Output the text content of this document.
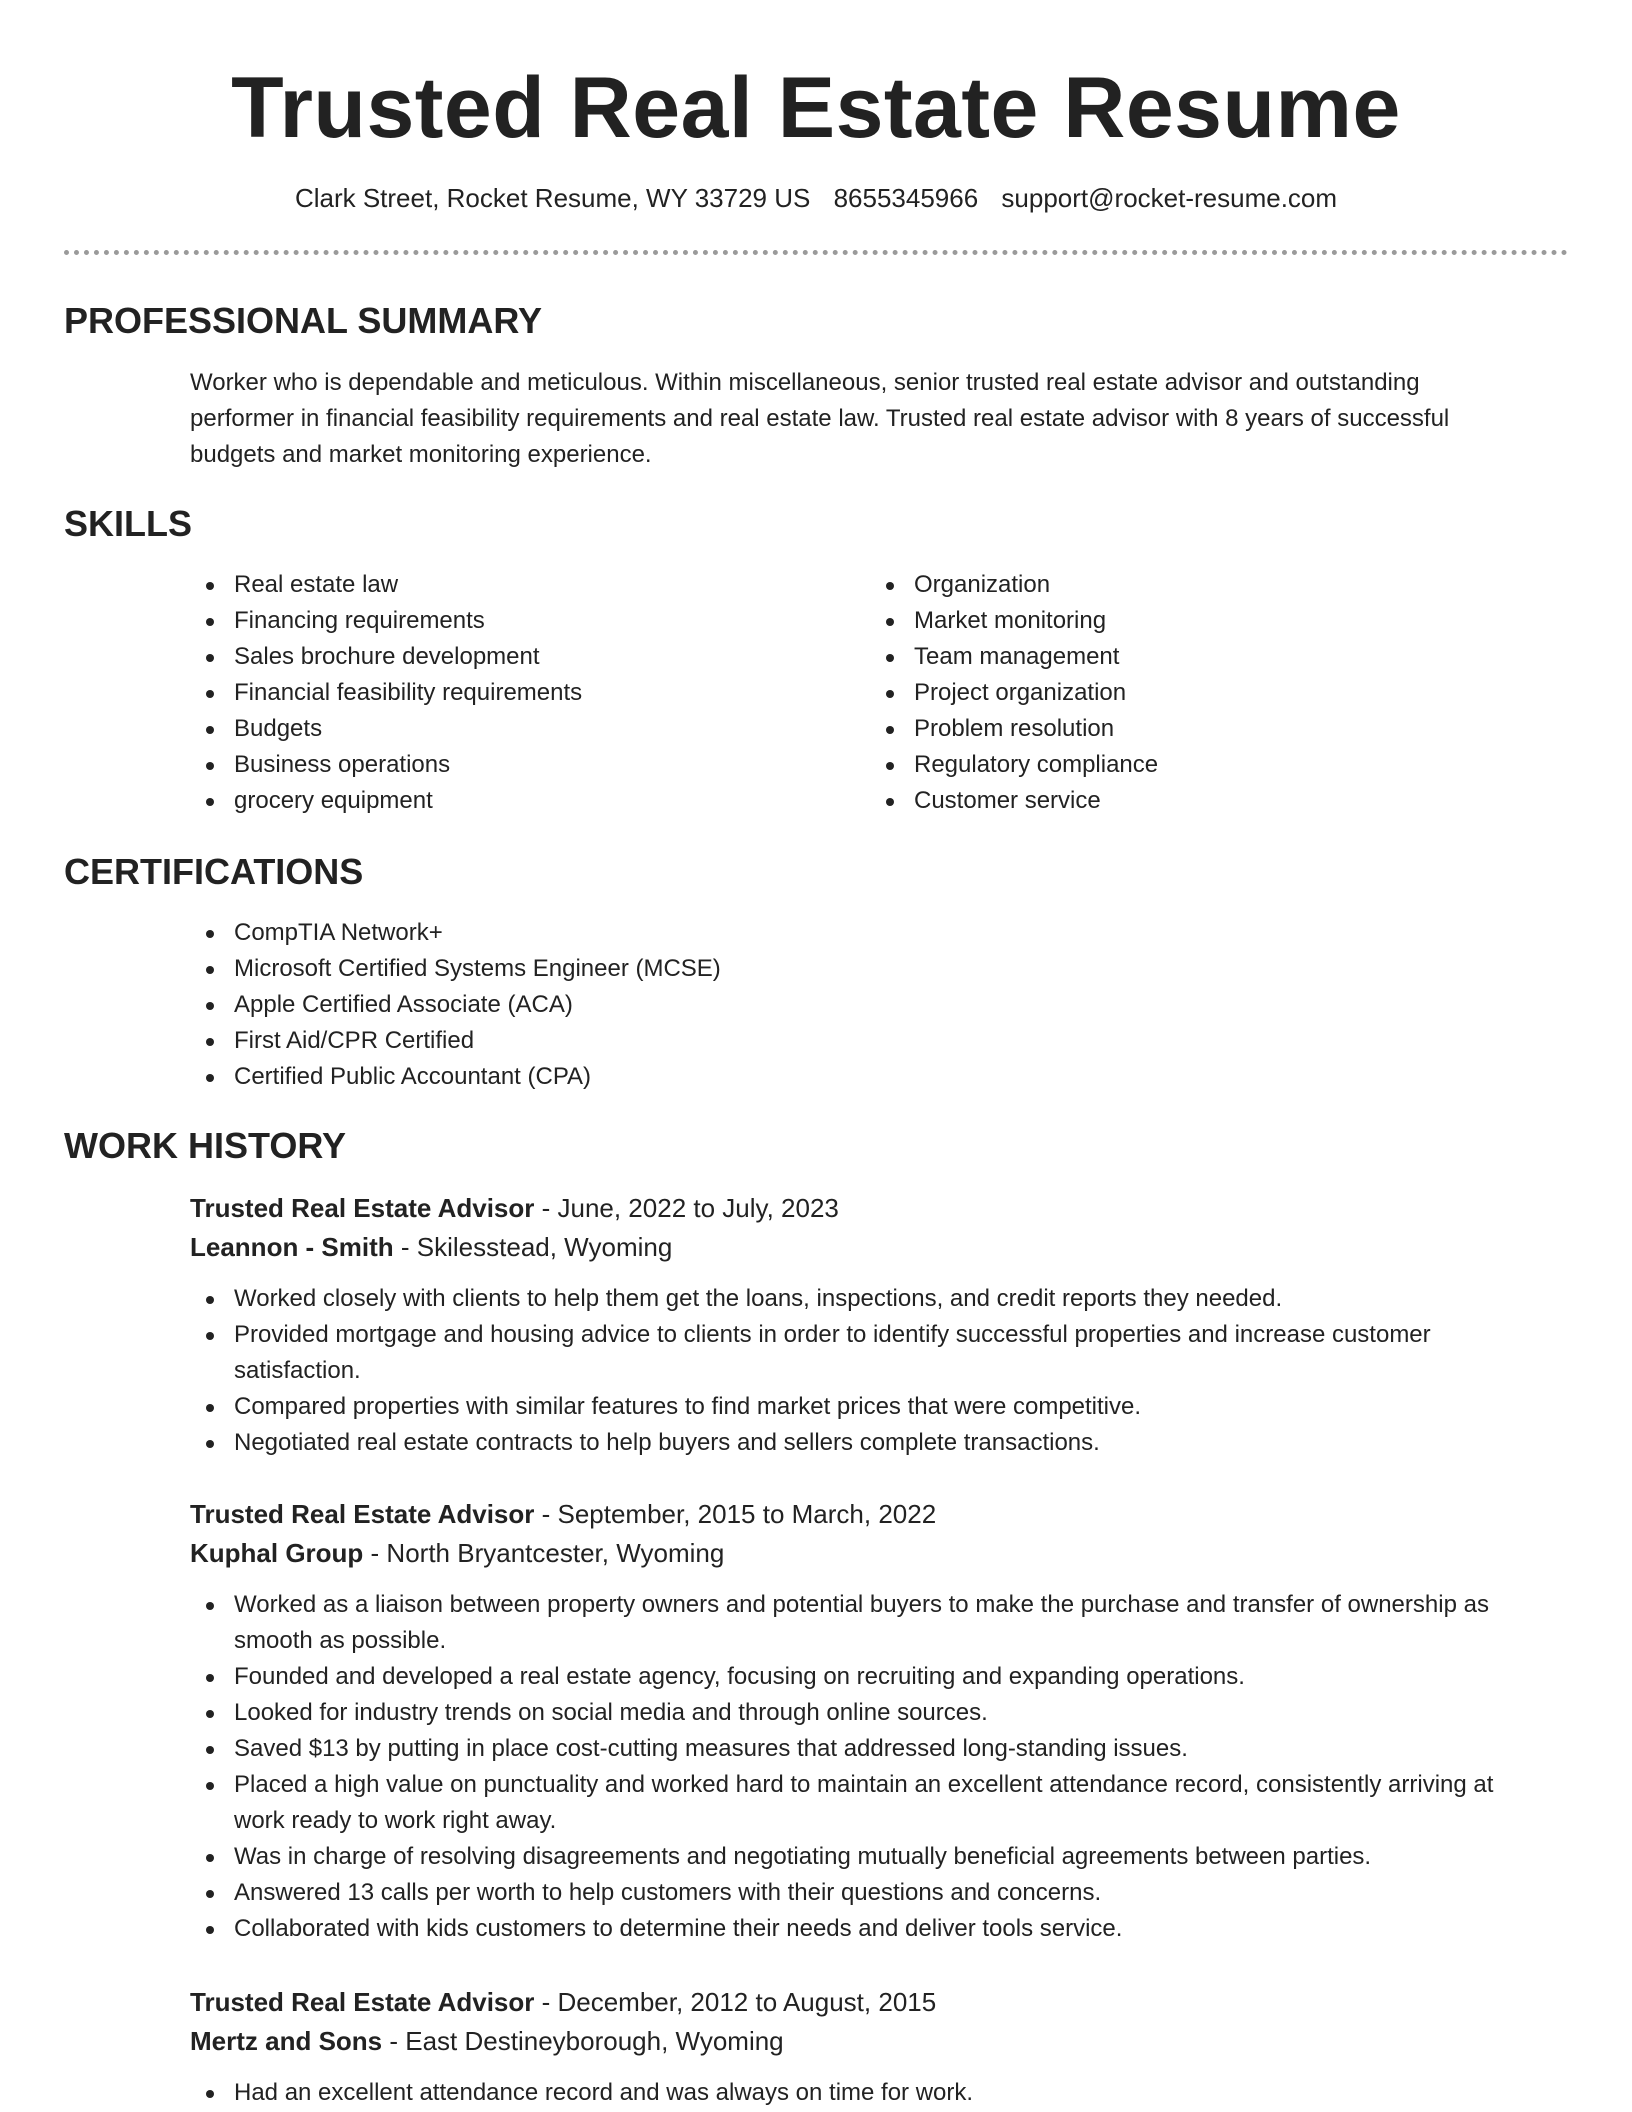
Trusted Real Estate Resume
Clark Street, Rocket Resume, WY 33729 US 8655345966 support@rocket-resume.com
PROFESSIONAL SUMMARY
Worker who is dependable and meticulous. Within miscellaneous, senior trusted real estate advisor and outstanding performer in financial feasibility requirements and real estate law. Trusted real estate advisor with 8 years of successful budgets and market monitoring experience.
SKILLS
Real estate law
Financing requirements
Sales brochure development
Financial feasibility requirements
Budgets
Business operations
grocery equipment
Organization
Market monitoring
Team management
Project organization
Problem resolution
Regulatory compliance
Customer service
CERTIFICATIONS
CompTIA Network+
Microsoft Certified Systems Engineer (MCSE)
Apple Certified Associate (ACA)
First Aid/CPR Certified
Certified Public Accountant (CPA)
WORK HISTORY
Trusted Real Estate Advisor - June, 2022 to July, 2023
Leannon - Smith - Skilesstead, Wyoming
Worked closely with clients to help them get the loans, inspections, and credit reports they needed.
Provided mortgage and housing advice to clients in order to identify successful properties and increase customer satisfaction.
Compared properties with similar features to find market prices that were competitive.
Negotiated real estate contracts to help buyers and sellers complete transactions.
Trusted Real Estate Advisor - September, 2015 to March, 2022
Kuphal Group - North Bryantcester, Wyoming
Worked as a liaison between property owners and potential buyers to make the purchase and transfer of ownership as smooth as possible.
Founded and developed a real estate agency, focusing on recruiting and expanding operations.
Looked for industry trends on social media and through online sources.
Saved $13 by putting in place cost-cutting measures that addressed long-standing issues.
Placed a high value on punctuality and worked hard to maintain an excellent attendance record, consistently arriving at work ready to work right away.
Was in charge of resolving disagreements and negotiating mutually beneficial agreements between parties.
Answered 13 calls per worth to help customers with their questions and concerns.
Collaborated with kids customers to determine their needs and deliver tools service.
Trusted Real Estate Advisor - December, 2012 to August, 2015
Mertz and Sons - East Destineyborough, Wyoming
Had an excellent attendance record and was always on time for work.
